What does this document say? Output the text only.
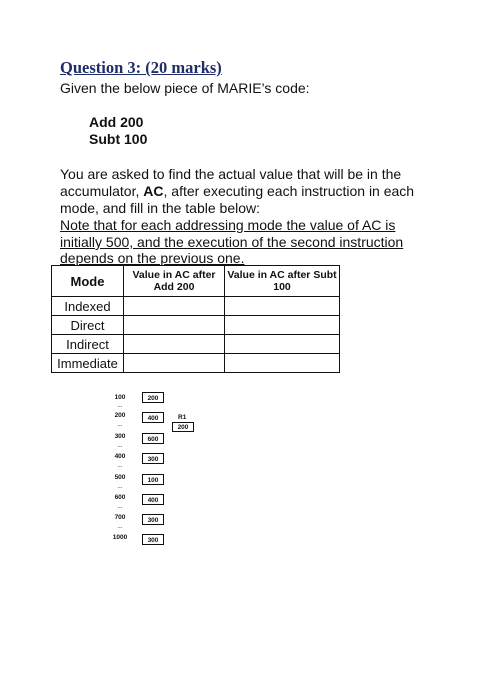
Question 3: (20 marks)
Given the below piece of MARIE’s code:
Add 200
Subt 100
You are asked to find the actual value that will be in the
accumulator, AC, after executing each instruction in each
mode, and fill in the table below:
Note that for each addressing mode the value of AC is
initially 500, and the execution of the second instruction
depends on the previous one.
Mode	Value in AC after Add 200	Value in AC after Subt 100
Indexed		
Direct		
Indirect		
Immediate		
100
...
200
...
300
...
400
...
500
...
600
...
700
...
1000
200
400
600
300
100
400
300
300
R1
200
